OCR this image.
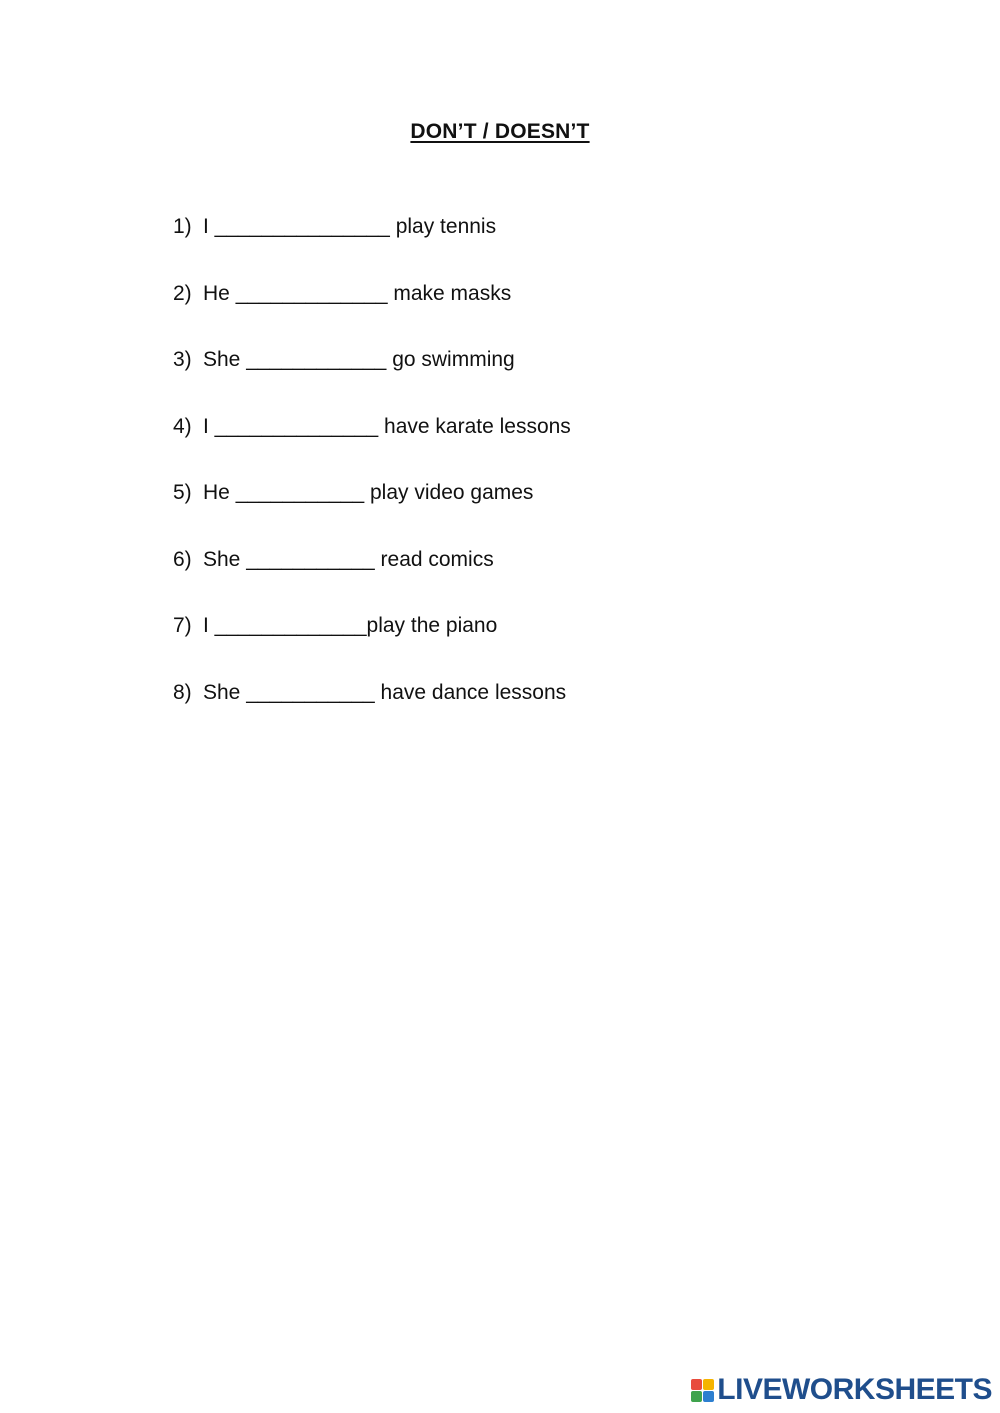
DON’T / DOESN’T
1) I _______________ play tennis
2) He _____________ make masks
3) She ____________ go swimming
4) I ______________ have karate lessons
5) He ___________ play video games
6) She ___________ read comics
7) I _____________ play the piano
8) She ___________ have dance lessons
LIVEWORKSHEETS
